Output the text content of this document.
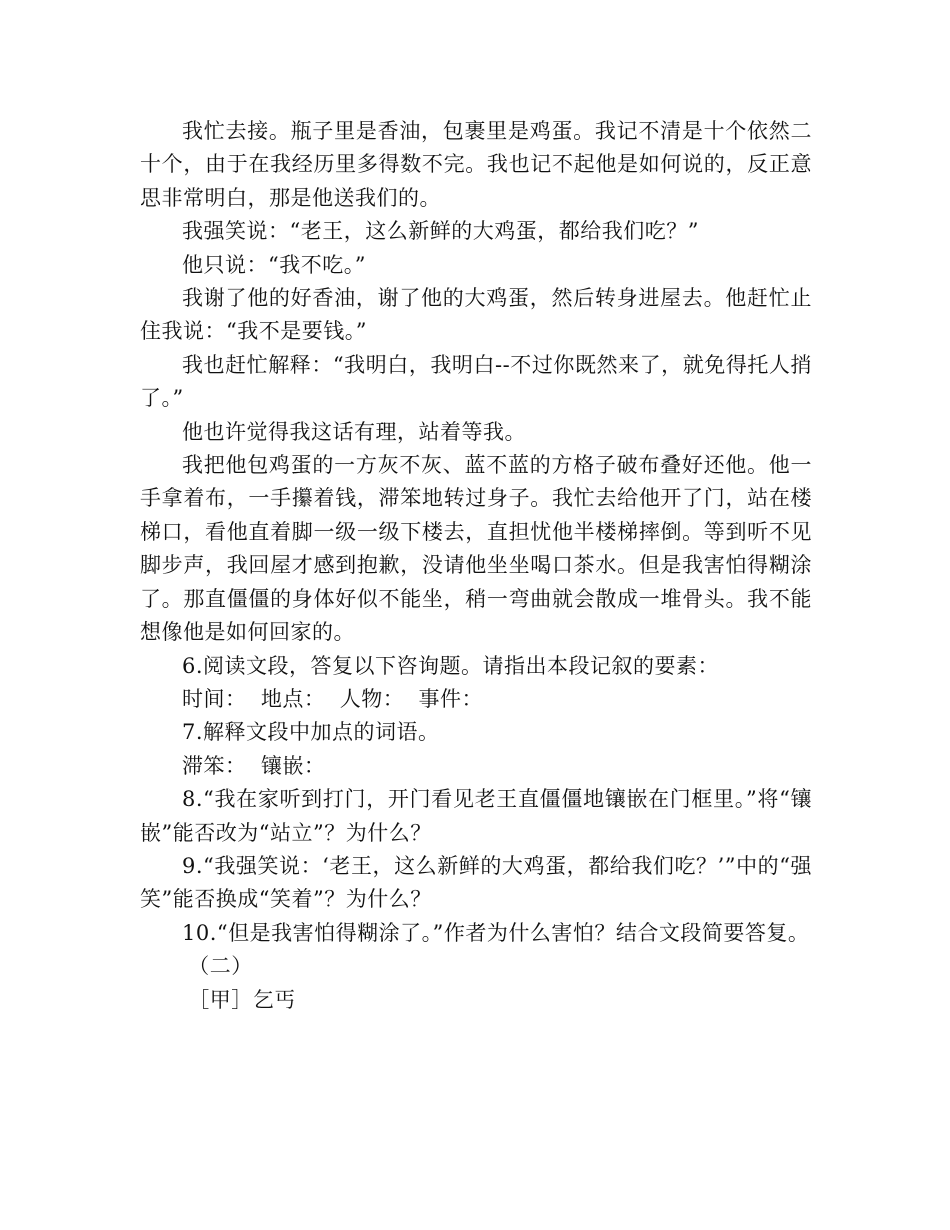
我忙去接。瓶子里是香油，包裹里是鸡蛋。我记不清是十个依然二十个，由于在我经历里多得数不完。我也记不起他是如何说的，反正意思非常明白，那是他送我们的。

我强笑说：“老王，这么新鲜的大鸡蛋，都给我们吃？”

他只说：“我不吃。”

我谢了他的好香油，谢了他的大鸡蛋，然后转身进屋去。他赶忙止住我说：“我不是要钱。”

我也赶忙解释：“我明白，我明白--不过你既然来了，就免得托人捎了。”

他也许觉得我这话有理，站着等我。

我把他包鸡蛋的一方灰不灰、蓝不蓝的方格子破布叠好还他。他一手拿着布，一手攥着钱，滞笨地转过身子。我忙去给他开了门，站在楼梯口，看他直着脚一级一级下楼去，直担忧他半楼梯摔倒。等到听不见脚步声，我回屋才感到抱歉，没请他坐坐喝口茶水。但是我害怕得糊涂了。那直僵僵的身体好似不能坐，稍一弯曲就会散成一堆骨头。我不能想像他是如何回家的。

6.阅读文段，答复以下咨询题。请指出本段记叙的要素：

时间：  地点：  人物：  事件：

7.解释文段中加点的词语。

滞笨：  镶嵌：

8.“我在家听到打门，开门看见老王直僵僵地镶嵌在门框里。”将“镶嵌”能否改为“站立”？为什么？

9.“我强笑说：‘老王，这么新鲜的大鸡蛋，都给我们吃？’”中的“强笑”能否换成“笑着”？为什么？

10.“但是我害怕得糊涂了。”作者为什么害怕？结合文段简要答复。

（二）

［甲］乞丐
